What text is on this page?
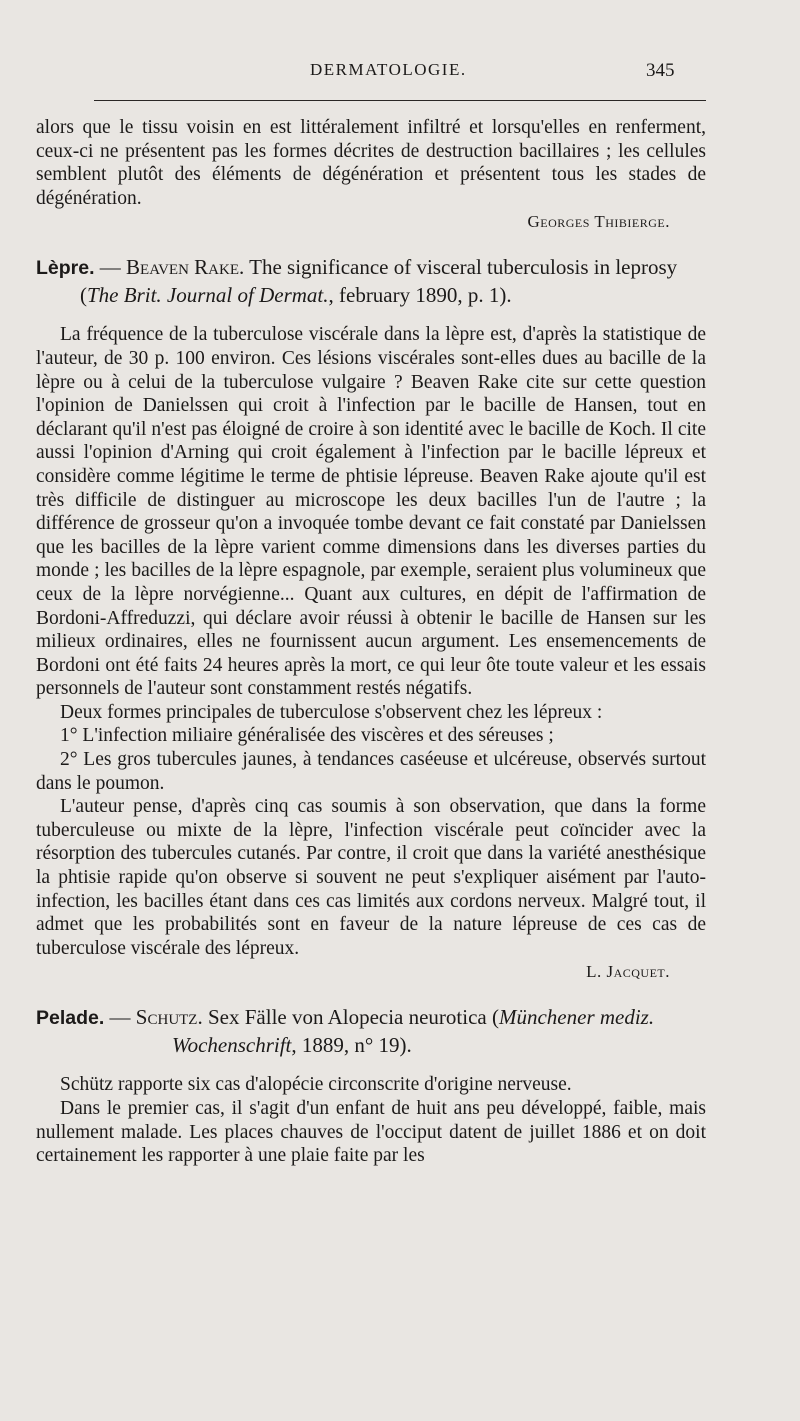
DERMATOLOGIE.	345

alors que le tissu voisin en est littéralement infiltré et lorsqu'elles en renferment, ceux-ci ne présentent pas les formes décrites de destruction bacillaires ; les cellules semblent plutôt des éléments de dégénération et présentent tous les stades de dégénération.

Georges Thibierge.

Lèpre. — Beaven Rake. The significance of visceral tuberculosis in leprosy (The Brit. Journal of Dermat., february 1890, p. 1).

La fréquence de la tuberculose viscérale dans la lèpre est, d'après la statistique de l'auteur, de 30 p. 100 environ. Ces lésions viscérales sont-elles dues au bacille de la lèpre ou à celui de la tuberculose vulgaire ? Beaven Rake cite sur cette question l'opinion de Danielssen qui croit à l'infection par le bacille de Hansen, tout en déclarant qu'il n'est pas éloigné de croire à son identité avec le bacille de Koch. Il cite aussi l'opinion d'Arning qui croit également à l'infection par le bacille lépreux et considère comme légitime le terme de phtisie lépreuse. Beaven Rake ajoute qu'il est très difficile de distinguer au microscope les deux bacilles l'un de l'autre ; la différence de grosseur qu'on a invoquée tombe devant ce fait constaté par Danielssen que les bacilles de la lèpre varient comme dimensions dans les diverses parties du monde ; les bacilles de la lèpre espagnole, par exemple, seraient plus volumineux que ceux de la lèpre norvégienne... Quant aux cultures, en dépit de l'affirmation de Bordoni-Affreduzzi, qui déclare avoir réussi à obtenir le bacille de Hansen sur les milieux ordinaires, elles ne fournissent aucun argument. Les ensemencements de Bordoni ont été faits 24 heures après la mort, ce qui leur ôte toute valeur et les essais personnels de l'auteur sont constamment restés négatifs.

Deux formes principales de tuberculose s'observent chez les lépreux :

1° L'infection miliaire généralisée des viscères et des séreuses ;

2° Les gros tubercules jaunes, à tendances caséeuse et ulcéreuse, observés surtout dans le poumon.

L'auteur pense, d'après cinq cas soumis à son observation, que dans la forme tuberculeuse ou mixte de la lèpre, l'infection viscérale peut coïncider avec la résorption des tubercules cutanés. Par contre, il croit que dans la variété anesthésique la phtisie rapide qu'on observe si souvent ne peut s'expliquer aisément par l'auto-infection, les bacilles étant dans ces cas limités aux cordons nerveux. Malgré tout, il admet que les probabilités sont en faveur de la nature lépreuse de ces cas de tuberculose viscérale des lépreux.

L. Jacquet.

Pelade. — Schutz. Sex Fälle von Alopecia neurotica (Münchener mediz. Wochenschrift, 1889, n° 19).

Schütz rapporte six cas d'alopécie circonscrite d'origine nerveuse.

Dans le premier cas, il s'agit d'un enfant de huit ans peu développé, faible, mais nullement malade. Les places chauves de l'occiput datent de juillet 1886 et on doit certainement les rapporter à une plaie faite par les
